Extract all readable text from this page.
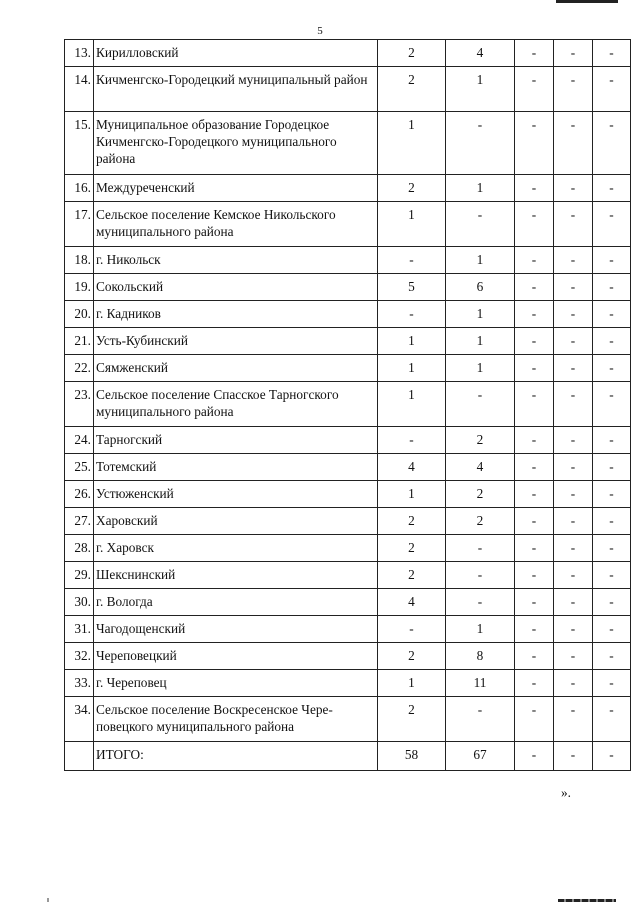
5
13.	Кирилловский	2	4	-	-	-
14.	Кичменгско-Городецкий муниципальный район	2	1	-	-	-
15.	Муниципальное образование Городецкое Кичменгско-Городецкого муниципального района	1	-	-	-	-
16.	Междуреченский	2	1	-	-	-
17.	Сельское поселение Кемское Никольского муниципального района	1	-	-	-	-
18.	г. Никольск	-	1	-	-	-
19.	Сокольский	5	6	-	-	-
20.	г. Кадников	-	1	-	-	-
21.	Усть-Кубинский	1	1	-	-	-
22.	Сямженский	1	1	-	-	-
23.	Сельское поселение Спасское Тарногского муниципального района	1	-	-	-	-
24.	Тарногский	-	2	-	-	-
25.	Тотемский	4	4	-	-	-
26.	Устюженский	1	2	-	-	-
27.	Харовский	2	2	-	-	-
28.	г. Харовск	2	-	-	-	-
29.	Шекснинский	2	-	-	-	-
30.	г. Вологда	4	-	-	-	-
31.	Чагодощенский	-	1	-	-	-
32.	Череповецкий	2	8	-	-	-
33.	г. Череповец	1	11	-	-	-
34.	Сельское поселение Воскресенское Чере-повецкого муниципального района	2	-	-	-	-
	ИТОГО:	58	67	-	-	-
».
